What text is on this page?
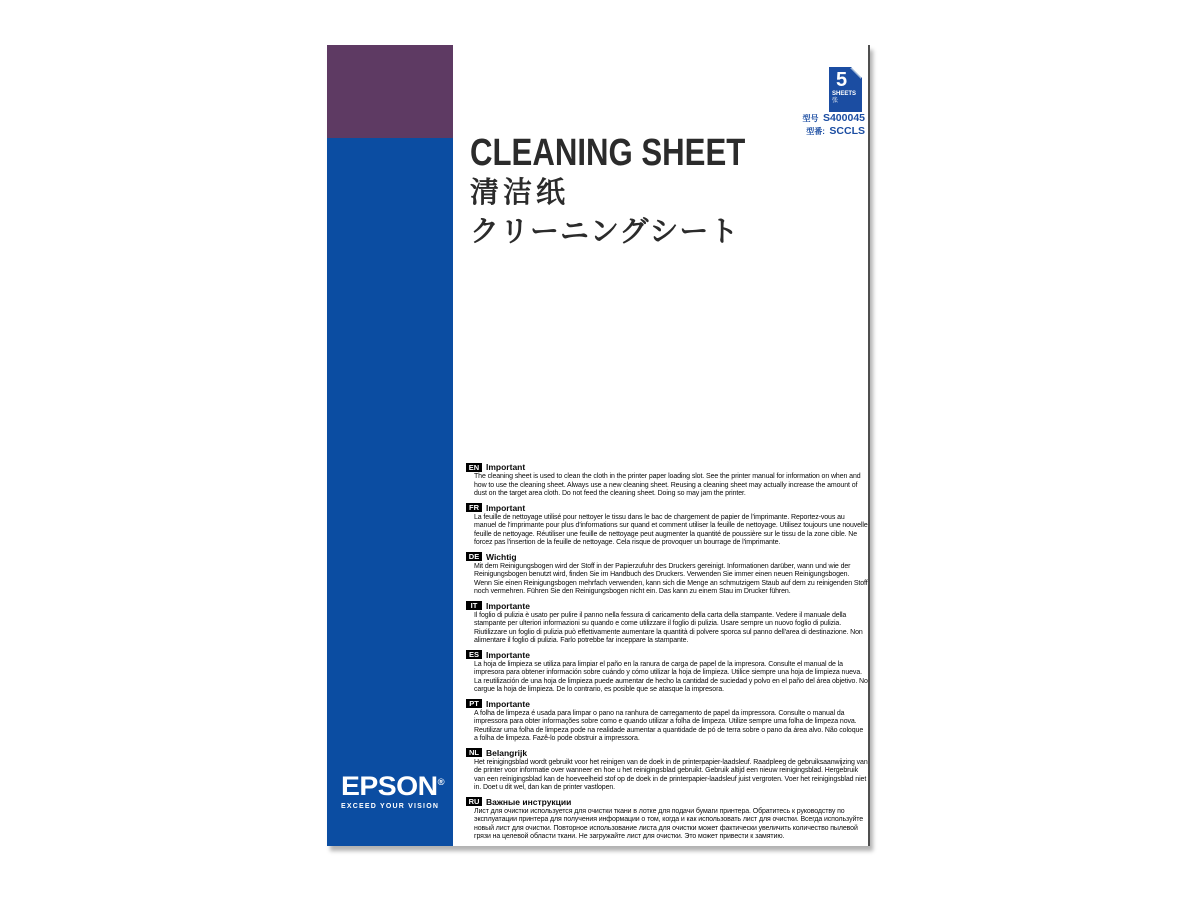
CLEANING SHEET
清洁纸
クリーニングシート
5
SHEETS
张
型号 S400045
型番: SCCLS
EN Important
The cleaning sheet is used to clean the cloth in the printer paper loading slot. See the printer manual for information on when and how to use the cleaning sheet. Always use a new cleaning sheet. Reusing a cleaning sheet may actually increase the amount of dust on the target area cloth. Do not feed the cleaning sheet. Doing so may jam the printer.
FR Important
La feuille de nettoyage utilisé pour nettoyer le tissu dans le bac de chargement de papier de l'imprimante. Reportez-vous au manuel de l'imprimante pour plus d'informations sur quand et comment utiliser la feuille de nettoyage. Utilisez toujours une nouvelle feuille de nettoyage. Réutiliser une feuille de nettoyage peut augmenter la quantité de poussière sur le tissu de la zone cible. Ne forcez pas l'insertion de la feuille de nettoyage. Cela risque de provoquer un bourrage de l'imprimante.
DE Wichtig
Mit dem Reinigungsbogen wird der Stoff in der Papierzufuhr des Druckers gereinigt. Informationen darüber, wann und wie der Reinigungsbogen benutzt wird, finden Sie im Handbuch des Druckers. Verwenden Sie immer einen neuen Reinigungsbogen. Wenn Sie einen Reinigungsbogen mehrfach verwenden, kann sich die Menge an schmutzigem Staub auf dem zu reinigenden Stoff noch vermehren. Führen Sie den Reinigungsbogen nicht ein. Das kann zu einem Stau im Drucker führen.
IT	Importante
Il foglio di pulizia è usato per pulire il panno nella fessura di caricamento della carta della stampante. Vedere il manuale della stampante per ulteriori informazioni su quando e come utilizzare il foglio di pulizia. Usare sempre un nuovo foglio di pulizia. Riutilizzare un foglio di pulizia può effettivamente aumentare la quantità di polvere sporca sul panno dell'area di destinazione. Non alimentare il foglio di pulizia. Farlo potrebbe far inceppare la stampante.
ES Importante
La hoja de limpieza se utiliza para limpiar el paño en la ranura de carga de papel de la impresora. Consulte el manual de la impresora para obtener información sobre cuándo y cómo utilizar la hoja de limpieza. Utilice siempre una hoja de limpieza nueva. La reutilización de una hoja de limpieza puede aumentar de hecho la cantidad de suciedad y polvo en el paño del área objetivo. No cargue la hoja de limpieza. De lo contrario, es posible que se atasque la impresora.
PT Importante
A folha de limpeza é usada para limpar o pano na ranhura de carregamento de papel da impressora. Consulte o manual da impressora para obter informações sobre como e quando utilizar a folha de limpeza. Utilize sempre uma folha de limpeza nova. Reutilizar uma folha de limpeza pode na realidade aumentar a quantidade de pó de terra sobre o pano da área alvo. Não coloque a folha de limpeza. Fazê-lo pode obstruir a impressora.
NL Belangrijk
Het reinigingsblad wordt gebruikt voor het reinigen van de doek in de printerpapier-laadsleuf. Raadpleeg de gebruiksaanwijzing van de printer voor informatie over wanneer en hoe u het reinigingsblad gebruikt. Gebruik altijd een nieuw reinigingsblad. Hergebruik van een reinigingsblad kan de hoeveelheid stof op de doek in de printerpapier-laadsleuf juist vergroten. Voer het reinigingsblad niet in. Doet u dit wel, dan kan de printer vastlopen.
RU Важные инструкции
Лист для очистки используется для очистки ткани в лотке для подачи бумаги принтера. Обратитесь к руководству по эксплуатации принтера для получения информации о том, когда и как использовать лист для очистки. Всегда используйте новый лист для очистки. Повторное использование листа для очистки может фактически увеличить количество пылевой грязи на целевой области ткани. Не загружайте лист для очистки. Это может привести к замятию.
EPSON®
EXCEED YOUR VISION
